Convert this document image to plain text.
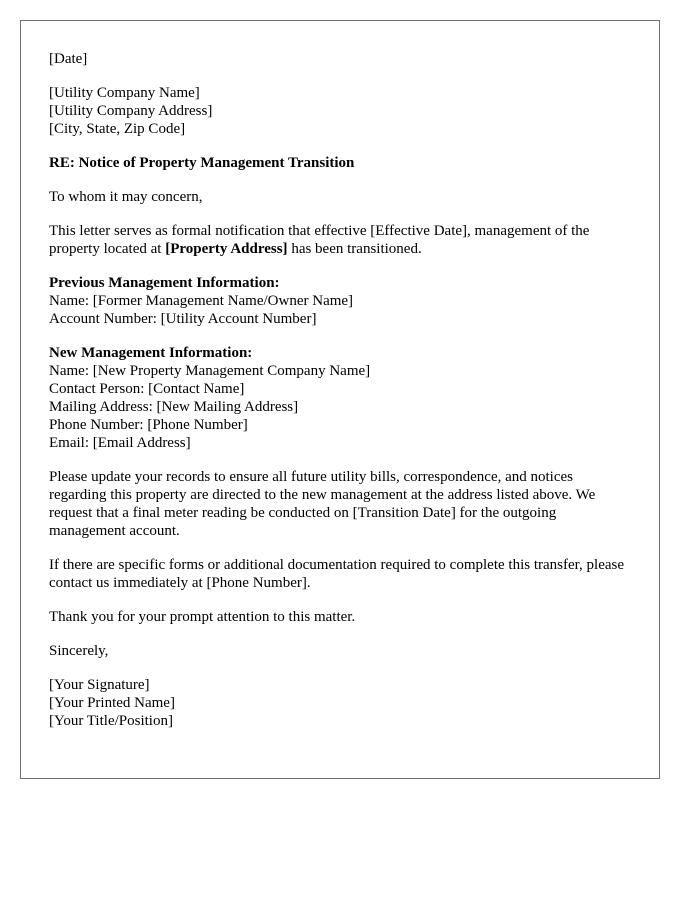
[Date]
[Utility Company Name]
[Utility Company Address]
[City, State, Zip Code]
RE: Notice of Property Management Transition
To whom it may concern,

This letter serves as formal notification that effective [Effective Date], management of the property located at [Property Address] has been transitioned.

Previous Management Information:
Name: [Former Management Name/Owner Name]
Account Number: [Utility Account Number]
New Management Information:
Name: [New Property Management Company Name]
Contact Person: [Contact Name]
Mailing Address: [New Mailing Address]
Phone Number: [Phone Number]
Email: [Email Address]

Please update your records to ensure all future utility bills, correspondence, and notices regarding this property are directed to the new management at the address listed above. We request that a final meter reading be conducted on [Transition Date] for the outgoing management account.

If there are specific forms or additional documentation required to complete this transfer, please contact us immediately at [Phone Number].

Thank you for your prompt attention to this matter.

Sincerely,

[Your Signature]
[Your Printed Name]
[Your Title/Position]
